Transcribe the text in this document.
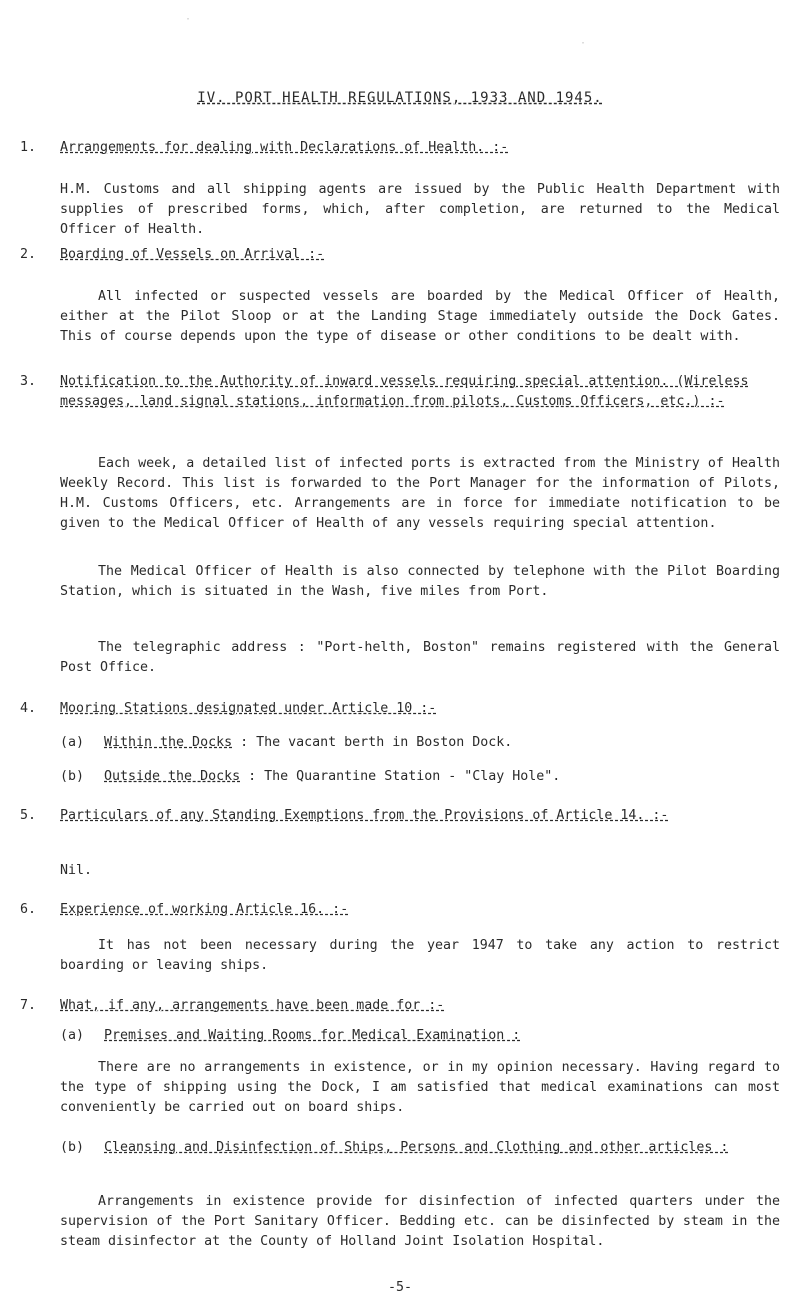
IV. PORT HEALTH REGULATIONS, 1933 AND 1945.
1. Arrangements for dealing with Declarations of Health. :-
H.M. Customs and all shipping agents are issued by the Public Health Department with supplies of prescribed forms, which, after completion, are returned to the Medical Officer of Health.
2. Boarding of Vessels on Arrival :-
All infected or suspected vessels are boarded by the Medical Officer of Health, either at the Pilot Sloop or at the Landing Stage immediately outside the Dock Gates. This of course depends upon the type of disease or other conditions to be dealt with.
3. Notification to the Authority of inward vessels requiring special attention. (Wireless messages, land signal stations, information from pilots, Customs Officers, etc.) :-
Each week, a detailed list of infected ports is extracted from the Ministry of Health Weekly Record. This list is forwarded to the Port Manager for the information of Pilots, H.M. Customs Officers, etc. Arrangements are in force for immediate notification to be given to the Medical Officer of Health of any vessels requiring special attention.
The Medical Officer of Health is also connected by telephone with the Pilot Boarding Station, which is situated in the Wash, five miles from Port.
The telegraphic address : "Port-helth, Boston" remains registered with the General Post Office.
4. Mooring Stations designated under Article 10 :-
(a) Within the Docks : The vacant berth in Boston Dock.
(b) Outside the Docks : The Quarantine Station - "Clay Hole".
5. Particulars of any Standing Exemptions from the Provisions of Article 14. :-
Nil.
6. Experience of working Article 16. :-
It has not been necessary during the year 1947 to take any action to restrict boarding or leaving ships.
7. What, if any, arrangements have been made for :-
(a) Premises and Waiting Rooms for Medical Examination :
There are no arrangements in existence, or in my opinion necessary. Having regard to the type of shipping using the Dock, I am satisfied that medical examinations can most conveniently be carried out on board ships.
(b) Cleansing and Disinfection of Ships, Persons and Clothing and other articles :
Arrangements in existence provide for disinfection of infected quarters under the supervision of the Port Sanitary Officer. Bedding etc. can be disinfected by steam in the steam disinfector at the County of Holland Joint Isolation Hospital.
-5-
·
·
